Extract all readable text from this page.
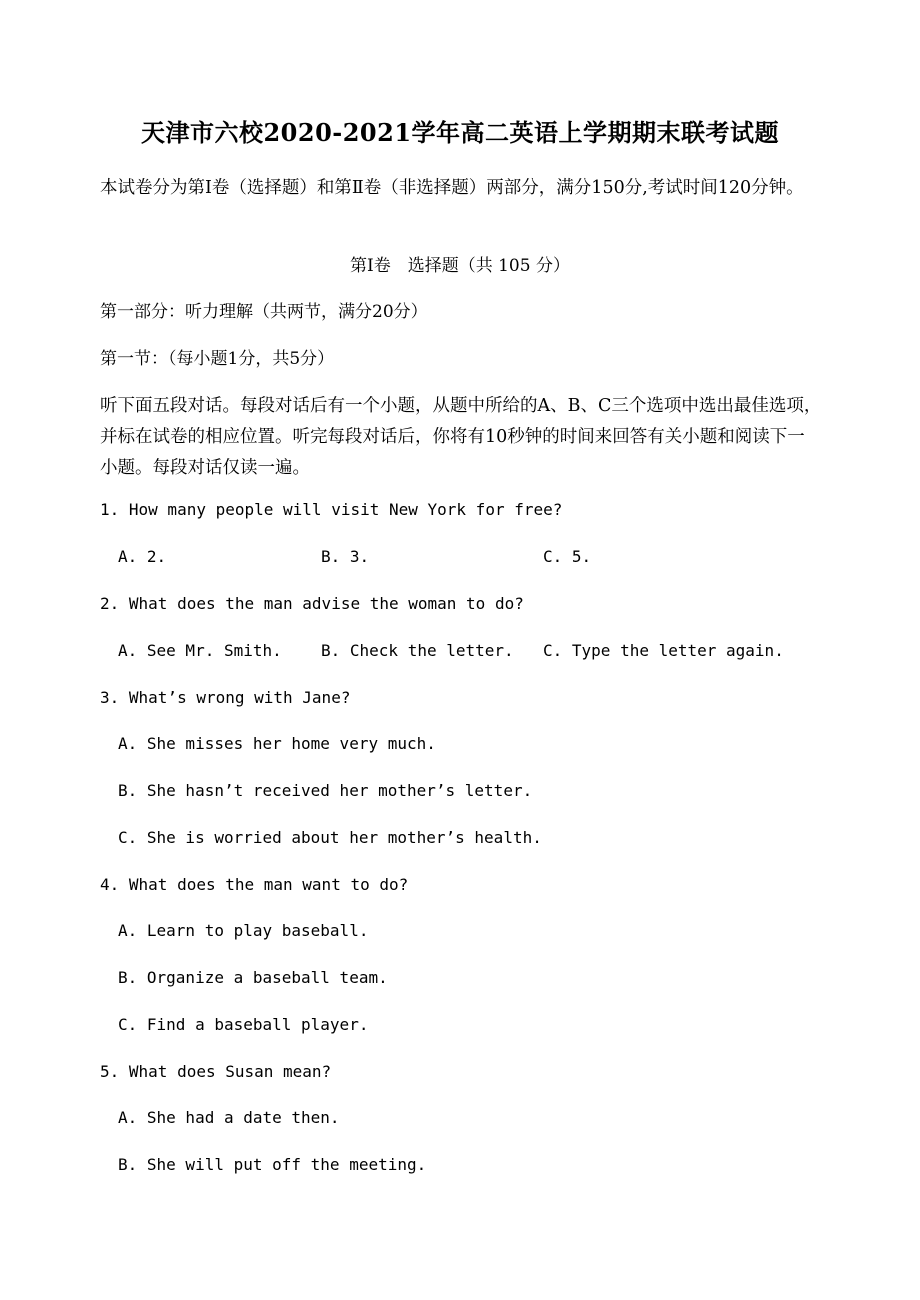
天津市六校2020-2021学年高二英语上学期期末联考试题

本试卷分为第Ⅰ卷（选择题）和第Ⅱ卷（非选择题）两部分，满分150分,考试时间120分钟。

第Ⅰ卷　选择题（共 105 分）

第一部分：听力理解（共两节，满分20分）

第一节：（每小题1分，共5分）

听下面五段对话。每段对话后有一个小题，从题中所给的A、B、C三个选项中选出最佳选项，并标在试卷的相应位置。听完每段对话后，你将有10秒钟的时间来回答有关小题和阅读下一小题。每段对话仅读一遍。

1. How many people will visit New York for free?

A. 2.	B. 3.	C. 5.

2. What does the man advise the woman to do?

A. See Mr. Smith. B. Check the letter. C. Type the letter again.

3. What’s wrong with Jane?

A. She misses her home very much.
B. She hasn’t received her mother’s letter.
C. She is worried about her mother’s health.

4. What does the man want to do?

A. Learn to play baseball.
B. Organize a baseball team.
C. Find a baseball player.

5. What does Susan mean?

A. She had a date then.
B. She will put off the meeting.
